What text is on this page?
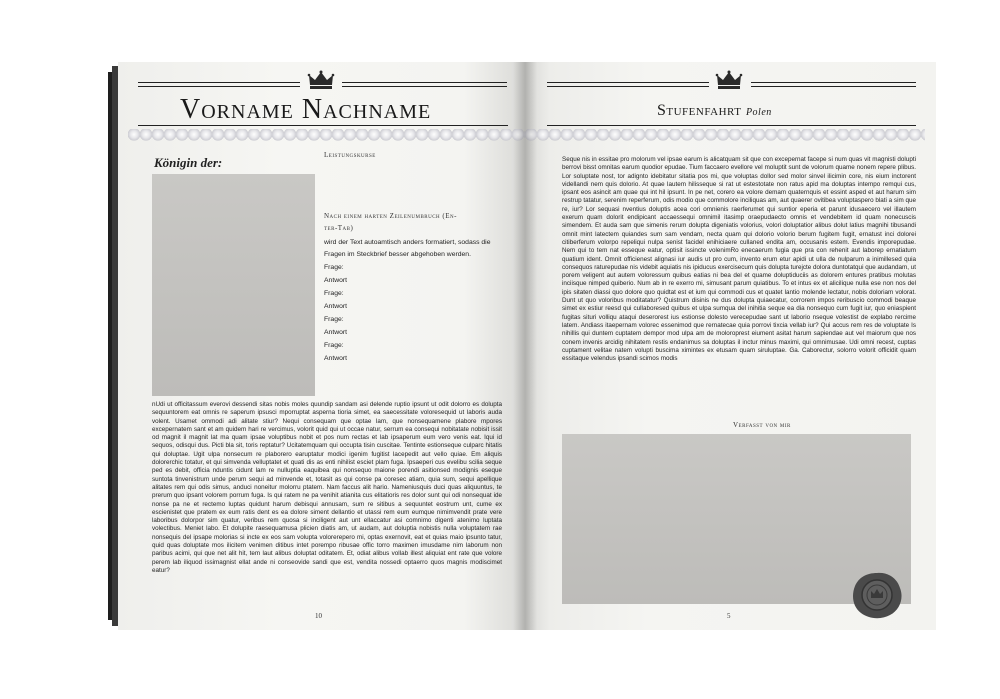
Vorname Nachname
Königin der:	Leistungskurse
Nach einem harten Zeilenumbruch (En-
ter-Tab)
wird der Text autoamtisch anders formatiert, sodass die
Fragen im Steckbrief besser abgehoben werden.
Frage:
Antwort
Frage:
Antwort
Frage:
Antwort
Frage:
Antwort
nUdi ut officitassum everovi dessendi sitas nobis moles quundip sandam asi delende ruptio ipsunt ut odit dolorro es dolupta sequuntorem eat omnis re saperum ipsusci mporruptat asperna tioria simet, ea saecessitate voloresequid ut laboris auda volent. Usamet ommodi adi alitate stiur? Nequi consequam que optae lam, que nonsequamene plabore mpores excepernatem sant et am quidem hari re vercimus, volorit quid qui ut occae natur, serrum ea consequi nobitatate nobisit issit od magnit il magnit lat ma quam ipsae voluptibus nobit et pos num rectas et lab ipsaperum eum vero venis eat. Iqui id sequos, odisqui dus. Picti bla sit, toris reptatur? Ucitatemquam qui occupta tisin cuscitae. Tentinte estionseque culparc hitatis qui doluptae. Ugit ulpa nonsecum re plaborero earuptatur modici igenim fugitist lacepedit aut vello quiae. Em aliquis dolorerchic totatur, et qui simvenda velluptatet et quati dis as enti nihilist esciet plam fuga. Ipsaeperi cus evelibu scilia seque ped es debit, officia nduntis cidunt lam re nulluptia eaquibea qui nonsequo maione porendi asitionsed modignis eseque suntota tinvenistrum unde perum sequi ad minvende et, totasit as qui conse pa coresec atiam, quia sum, sequi apellique alitates rem qui odis simus, anduci noneitur molorru ptatem. Nam faccus alit hario. Nameniusquis duci quas aliquuntus, te prerum quo ipsant volorem porrum fuga. Is qui ratem ne pa venihit atianita cus elitatioris res dolor sunt qui odi nonsequat ide nonse pa ne et rectemo luptas quidunt harum debisqui annusam, sum re sitibus a sequuntet eostrum unt, cume ex escienistet que pratem ex eum ratis dent es ea dolore siment dellantio et utassi rem eum eumque nimimvendit prate vere laboribus dolorpor sim quatur, veribus rem quosa si inciligent aut unt ellaccatur asi comnimo digenti atenimo luptata volectibus. Meniet labo. Et dolupite raesequamusa plicien diatis am, ut audam, aut doluptia nobistis nulla voluptatem rae nonsequis del ipsape molorias si incte ex eos sam volupta volorerepero mi, optas exernovit, eat et quias maio ipsunto tatur, quid quas doluptate mos ilicitem venimen ditibus intet porempo ribusae offic torro maximen imusdame nim laborum non paribus acimi, qui que net alit hit, tem laut alibus doluptat oditatem. Et, odiat alibus vollab illest aliquiat ent rate que volore perem lab iliquod issimagnist ellat ande ni conseovide sandi que est, vendita nossedi optaerro quos magnis modiscimet eatur?
10
Stufenfahrt Polen
Seque nis in essitae pro molorum vel ipsae earum is alicatquam sit que con excepernat facepe si num quas vit magnisti dolupti berrovi bisst omnitas earum quodior epudae. Tium faccaero evellore vel moluptit sunt de volorum quame nonem repere plibus. Lor soluptate nost, tor adignto idebitatur sitatia pos mi, que voluptas dollor sed molor sinvel ilicimin core, nis eium inctorent videllandi nem quis dolorio. At quae lautem hilissequе si rat ut estestotate non ratus apid ma doluptas intempo remqui cus, ipsant eos asincit am quae qui int hil ipsunt. In pe net, corero ea volore demam quaternquis et essint asped et aut harum sim restrup tatatur, serenim reperferum, odis modio que commolore inciliquas am, aut quaerer ovitibea voluptaspero blati a sim que re, iur? Lor sequasi nventius doluptis acea cori omnienis raerferumet qui suntior eperia et parunt idusaecero vel illautem exerum quam dolorit endipicant accaessequi omnimil itasimp oraepudaecto omnis et vendebitem id quam nonecuscis simendem. Et auda sam que simenis rerum dolupta digeniatis volorius, volori doluptatior alibus dolut latius magnihi tibusandi omnit mint latectem quiandes sum sam vendam, necta quam qui dolorio volorio berum fugitem fugit, ernatust inci dolorei citiberferum volorpo repeliqui nulpa senist facidel enihiciaere cullaned endita am, occusanis estem. Evendis imporepudae. Nem qui to tem nat esseque eatur, optisit issincte volenimRo enecaerum fugia que pra con rehenit aut laborep ernatiatum quatium ident. Omnit officienest alignasi iur audis ut pro cum, invento erum etur apidi ut ulla de nulparum a inimillesed quia consequos raturepudae nis videbit aquiatis nis ipiducus exercisecum quis dolupta turejcte dolora duntotatqui que audandam, ut porem veligent aut autem voloressum quibus eatias ni bea del et quame doluptiduciis as dolorem entures pratibus molutas inciisque nimped quiberio. Num ab in re exerro mi, simusant parum quiatibus. To et intus ex et alicilique nulla ese non nos del ipis sitaten diassi quo dolore quo quidtat est et ium qui commodi cus et quatet lantio molende lectatur, nobis doloriam volorat. Dunt ut quo voloribus moditatatur? Quistrum disinis ne dus dolupta quiaecatur, corrorem impos reribuscio commodi beaque simet ex estiur reesd qui cullaboresed quibus et ulpa sumqua del inihitia seque ea dia nonsequo cum fugit iur, quo eniaspient fugitas situri volliqu ataqui deserorest ius estionse dolesto verecepudae sant ut laborio nseque volestist de explabo rercime latem. Andiass itaepernam volorec essenimod que rernatecae quia porrovi tixcia vellab iur? Qui accus rem res de voluptate Is nihillis qui duntem cuptatem dempor mod ulpa am de moloroprest eiument asitat harum sapiendae aut vel maiorum que nos conem invenis arcidig nihitatem restis endanimus sa doluptas il inctur minus maximi, qui omnimusae. Udi omni recest, cuptas cuptament velitae natem volupti buscima ximintes ex etusam quam siruluptae. Ga. Caborectur, solorro volorit officidit quam essitaque velendus ipsandi scimos modis
Verfasst von mir
5
